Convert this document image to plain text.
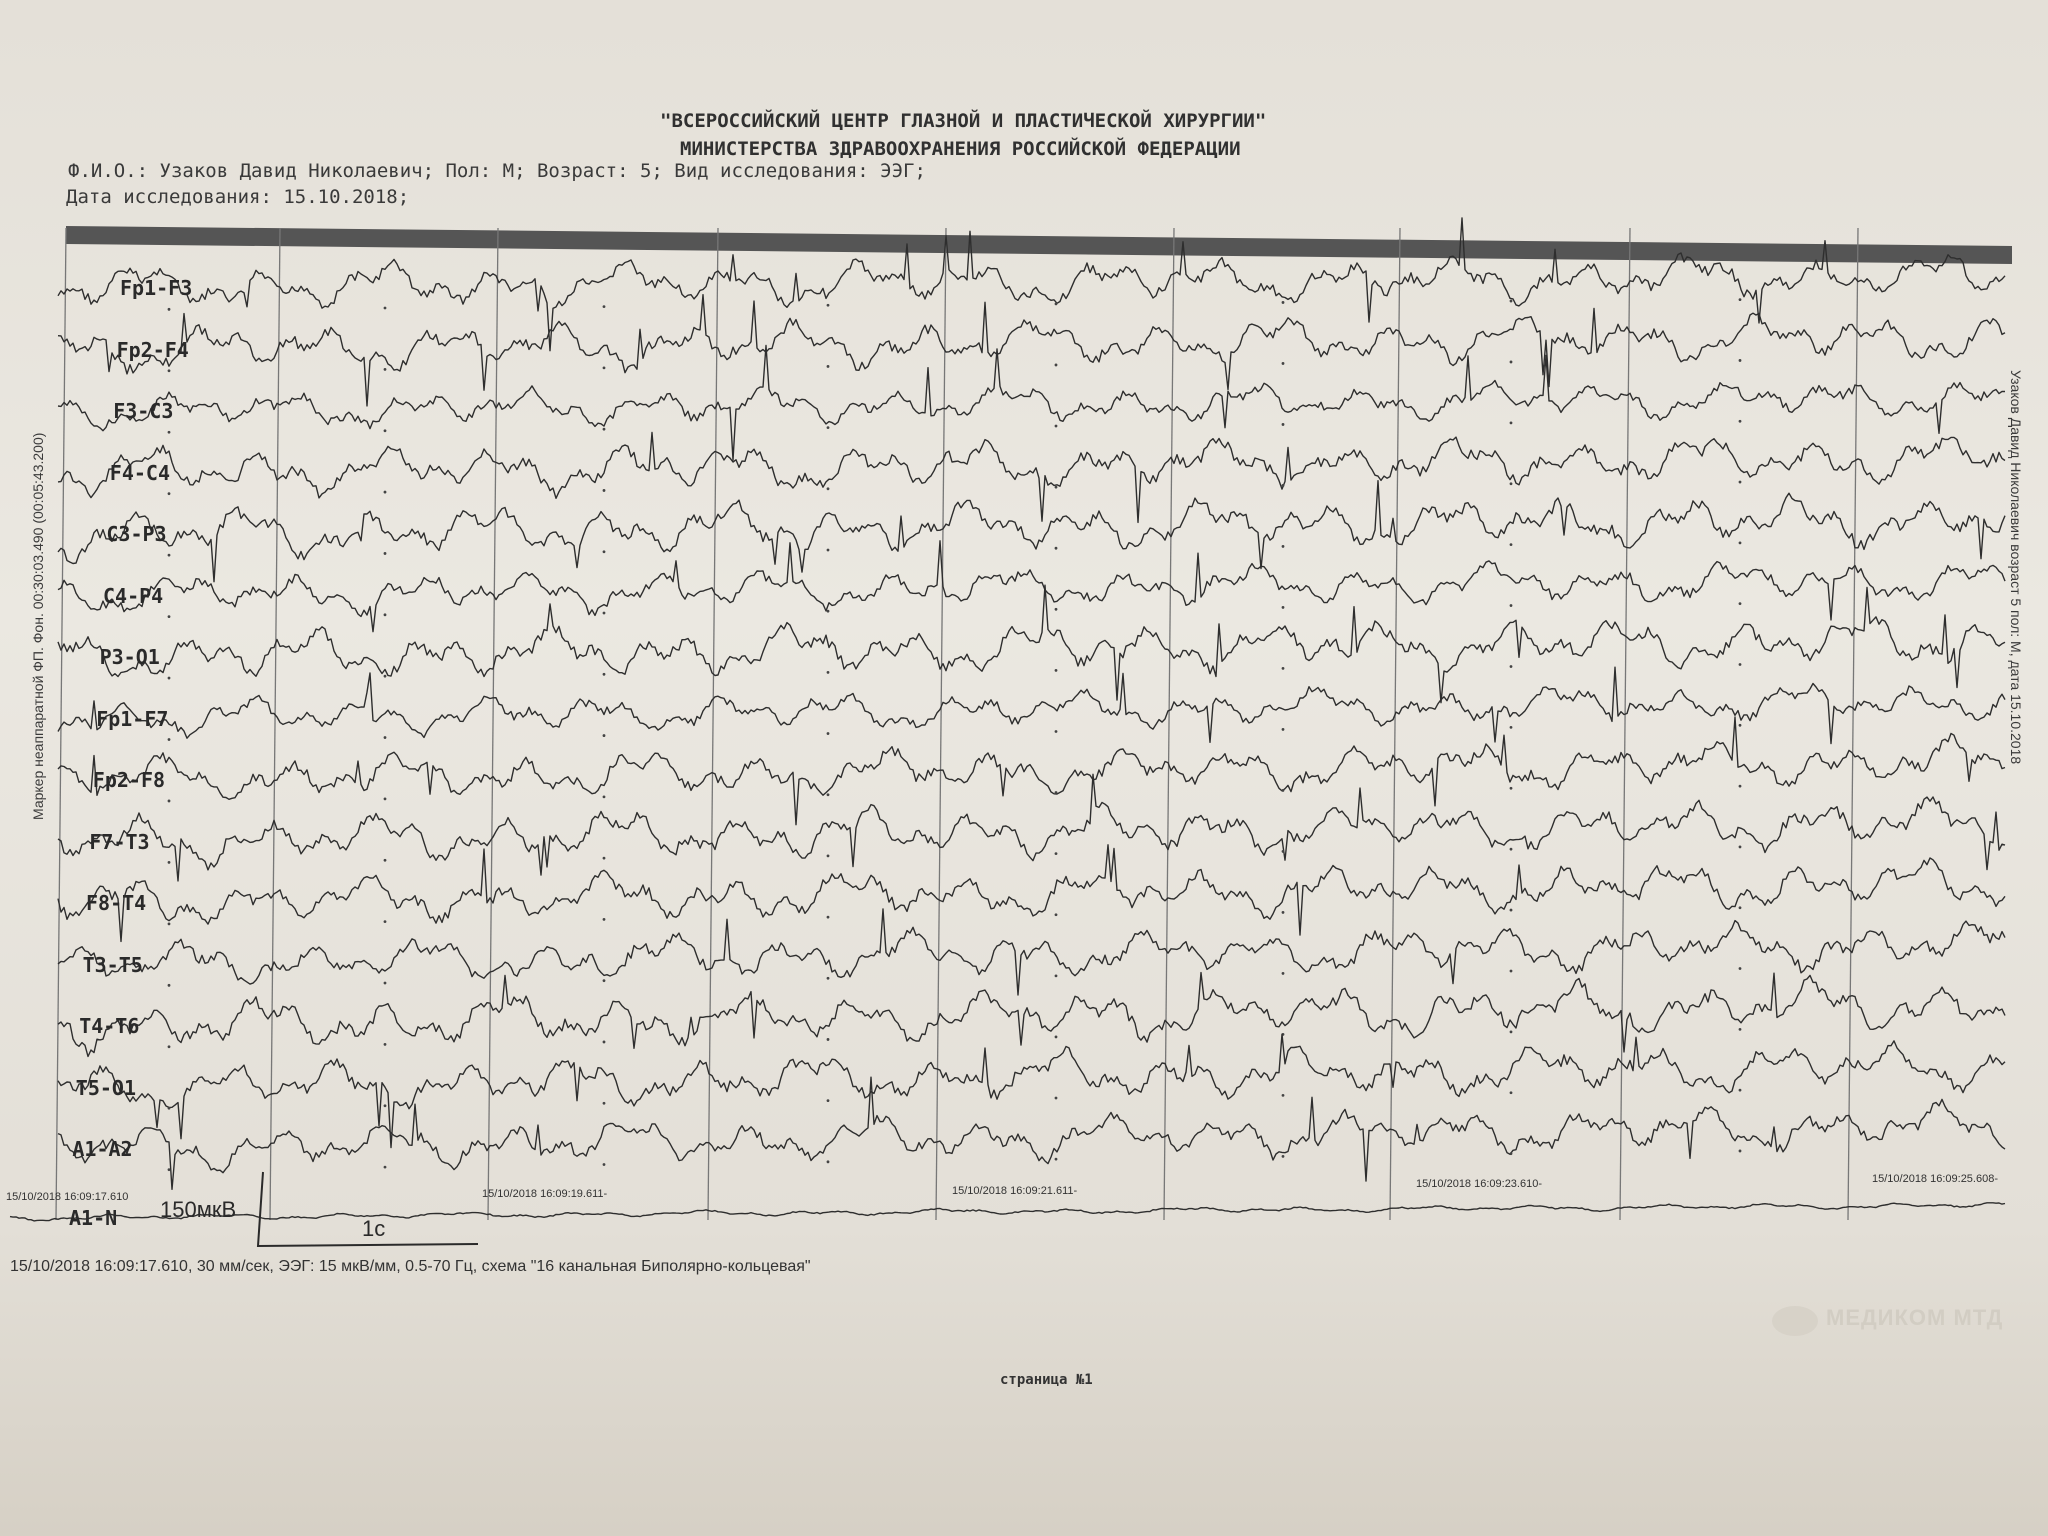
"ВСЕРОССИЙСКИЙ ЦЕНТР ГЛАЗНОЙ И ПЛАСТИЧЕСКОЙ ХИРУРГИИ"
МИНИСТЕРСТВА ЗДРАВООХРАНЕНИЯ РОССИЙСКОЙ ФЕДЕРАЦИИ
Ф.И.О.: Узаков Давид Николаевич; Пол: М; Возраст: 5; Вид исследования: ЭЭГ;
Дата исследования: 15.10.2018;
Fp1-F3
Fp2-F4
F3-C3
F4-C4
C3-P3
C4-P4
P3-O1
Fp1-F7
Fp2-F8
F7-T3
F8-T4
T3-T5
T4-T6
T5-O1
A1-A2
A1-N
15/10/2018 16:09:17.610	15/10/2018 16:09:19.611-	15/10/2018 16:09:21.611-
15/10/2018 16:09:23.610-	15/10/2018 16:09:25.608-
150мкВ
1с
Маркер неаппаратной ФП. Фон. 00:30:03.490 (00:05:43.200)	Узаков Давид Николаевич возраст 5 пол: М, дата 15.10.2018
15/10/2018 16:09:17.610, 30 мм/сек, ЭЭГ: 15 мкВ/мм, 0.5-70 Гц, схема "16 канальная Биполярно-кольцевая"
МЕДИКОМ МТД
страница №1
